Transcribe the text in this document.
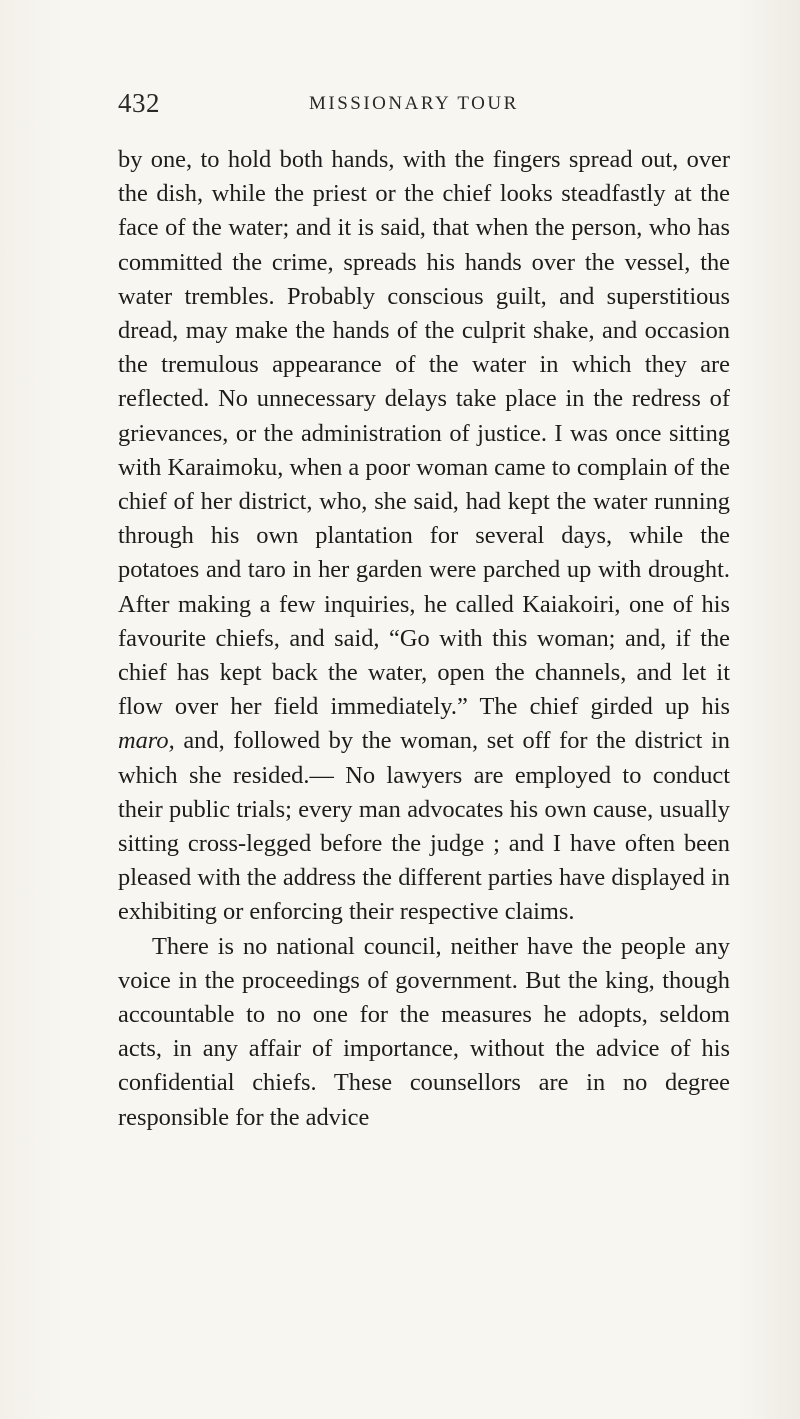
432	MISSIONARY TOUR

by one, to hold both hands, with the fingers spread out, over the dish, while the priest or the chief looks steadfastly at the face of the water; and it is said, that when the person, who has committed the crime, spreads his hands over the vessel, the water trembles. Probably conscious guilt, and superstitious dread, may make the hands of the culprit shake, and occasion the tremulous appearance of the water in which they are reflected. No unnecessary delays take place in the redress of grievances, or the administration of justice. I was once sitting with Karaimoku, when a poor woman came to complain of the chief of her district, who, she said, had kept the water running through his own plantation for several days, while the potatoes and taro in her garden were parched up with drought. After making a few inquiries, he called Kaiakoiri, one of his favourite chiefs, and said, “Go with this woman; and, if the chief has kept back the water, open the channels, and let it flow over her field immediately.” The chief girded up his maro, and, followed by the woman, set off for the district in which she resided.— No lawyers are employed to conduct their public trials; every man advocates his own cause, usually sitting cross-legged before the judge ; and I have often been pleased with the address the different parties have displayed in exhibiting or enforcing their respective claims.

There is no national council, neither have the people any voice in the proceedings of government. But the king, though accountable to no one for the measures he adopts, seldom acts, in any affair of importance, without the advice of his confidential chiefs. These counsellors are in no degree responsible for the advice
